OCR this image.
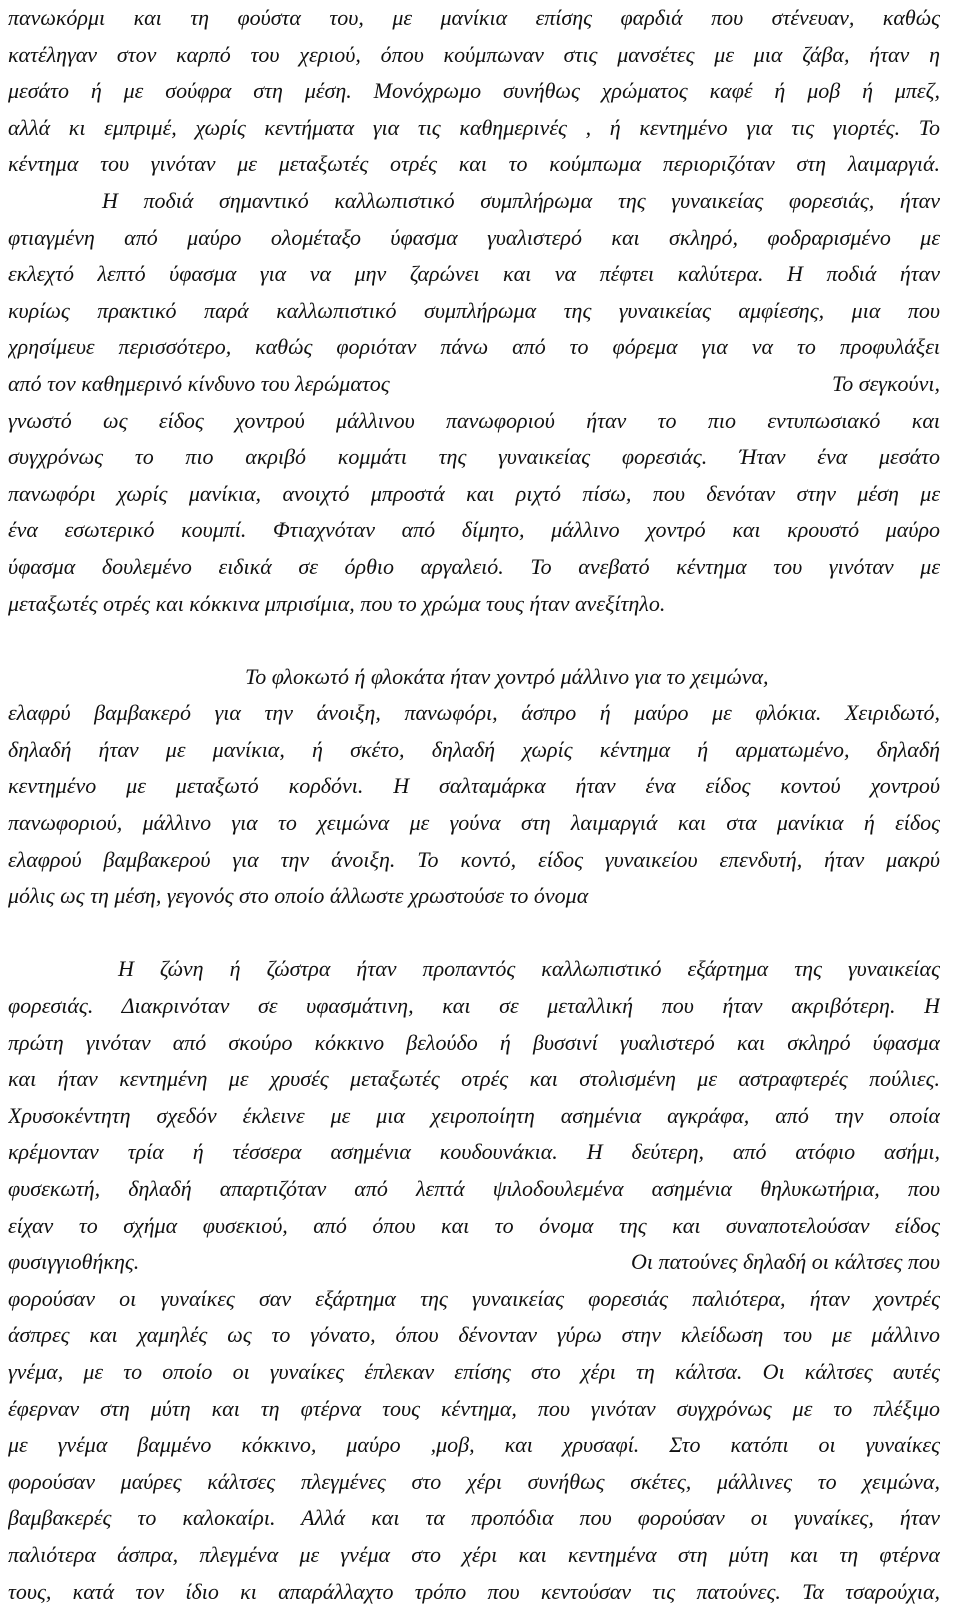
πανωκόρμι και τη φούστα του, με μανίκια επίσης φαρδιά που στένευαν, καθώς
κατέληγαν στον καρπό του χεριού, όπου κούμπωναν στις μανσέτες με μια ζάβα, ήταν η
μεσάτο ή με σούφρα στη μέση. Μονόχρωμο συνήθως χρώματος καφέ ή μοβ ή μπεζ,
αλλά κι εμπριμέ, χωρίς κεντήματα για τις καθημερινές , ή κεντημένο για τις γιορτές. Το
κέντημα του γινόταν με μεταξωτές οτρές και το κούμπωμα περιοριζόταν στη λαιμαργιά.
Η ποδιά σημαντικό καλλωπιστικό συμπλήρωμα της γυναικείας φορεσιάς, ήταν
φτιαγμένη από μαύρο ολομέταξο ύφασμα γυαλιστερό και σκληρό, φοδραρισμένο με
εκλεχτό λεπτό ύφασμα για να μην ζαρώνει και να πέφτει καλύτερα. Η ποδιά ήταν
κυρίως πρακτικό παρά καλλωπιστικό συμπλήρωμα της γυναικείας αμφίεσης, μια που
χρησίμευε περισσότερο, καθώς φοριόταν πάνω από το φόρεμα για να το προφυλάξει
από τον καθημερινό κίνδυνο του λερώματος	Το σεγκούνι,
γνωστό ως είδος χοντρού μάλλινου πανωφοριού ήταν το πιο εντυπωσιακό και
συγχρόνως το πιο ακριβό κομμάτι της γυναικείας φορεσιάς. Ήταν ένα μεσάτο
πανωφόρι χωρίς μανίκια, ανοιχτό μπροστά και ριχτό πίσω, που δενόταν στην μέση με
ένα εσωτερικό κουμπί. Φτιαχνόταν από δίμητο, μάλλινο χοντρό και κρουστό μαύρο
ύφασμα δουλεμένο ειδικά σε όρθιο αργαλειό. Το ανεβατό κέντημα του γινόταν με
μεταξωτές οτρές και κόκκινα μπρισίμια, που το χρώμα τους ήταν ανεξίτηλο.
Το φλοκωτό ή φλοκάτα ήταν χοντρό μάλλινο για το χειμώνα,
ελαφρύ βαμβακερό για την άνοιξη, πανωφόρι, άσπρο ή μαύρο με φλόκια. Χειριδωτό,
δηλαδή ήταν με μανίκια, ή σκέτο, δηλαδή χωρίς κέντημα ή αρματωμένο, δηλαδή
κεντημένο με μεταξωτό κορδόνι. Η σαλταμάρκα ήταν ένα είδος κοντού χοντρού
πανωφοριού, μάλλινο για το χειμώνα με γούνα στη λαιμαργιά και στα μανίκια ή είδος
ελαφρού βαμβακερού για την άνοιξη. Το κοντό, είδος γυναικείου επενδυτή, ήταν μακρύ
μόλις ως τη μέση, γεγονός στο οποίο άλλωστε χρωστούσε το όνομα
Η ζώνη ή ζώστρα ήταν προπαντός καλλωπιστικό εξάρτημα της γυναικείας
φορεσιάς. Διακρινόταν σε υφασμάτινη, και σε μεταλλική που ήταν ακριβότερη. Η
πρώτη γινόταν από σκούρο κόκκινο βελούδο ή βυσσινί γυαλιστερό και σκληρό ύφασμα
και ήταν κεντημένη με χρυσές μεταξωτές οτρές και στολισμένη με αστραφτερές πούλιες.
Χρυσοκέντητη σχεδόν έκλεινε με μια χειροποίητη ασημένια αγκράφα, από την οποία
κρέμονταν τρία ή τέσσερα ασημένια κουδουνάκια. Η δεύτερη, από ατόφιο ασήμι,
φυσεκωτή, δηλαδή απαρτιζόταν από λεπτά ψιλοδουλεμένα ασημένια θηλυκωτήρια, που
είχαν το σχήμα φυσεκιού, από όπου και το όνομα της και συναποτελούσαν είδος
φυσιγγιοθήκης.	Οι πατούνες δηλαδή οι κάλτσες που
φορούσαν οι γυναίκες σαν εξάρτημα της γυναικείας φορεσιάς παλιότερα, ήταν χοντρές
άσπρες και χαμηλές ως το γόνατο, όπου δένονταν γύρω στην κλείδωση του με μάλλινο
γνέμα, με το οποίο οι γυναίκες έπλεκαν επίσης στο χέρι τη κάλτσα. Οι κάλτσες αυτές
έφερναν στη μύτη και τη φτέρνα τους κέντημα, που γινόταν συγχρόνως με το πλέξιμο
με γνέμα βαμμένο κόκκινο, μαύρο ,μοβ, και χρυσαφί. Στο κατόπι οι γυναίκες
φορούσαν μαύρες κάλτσες πλεγμένες στο χέρι συνήθως σκέτες, μάλλινες το χειμώνα,
βαμβακερές το καλοκαίρι. Αλλά και τα προπόδια που φορούσαν οι γυναίκες, ήταν
παλιότερα άσπρα, πλεγμένα με γνέμα στο χέρι και κεντημένα στη μύτη και τη φτέρνα
τους, κατά τον ίδιο κι απαράλλαχτο τρόπο που κεντούσαν τις πατούνες. Τα τσαρούχια,
